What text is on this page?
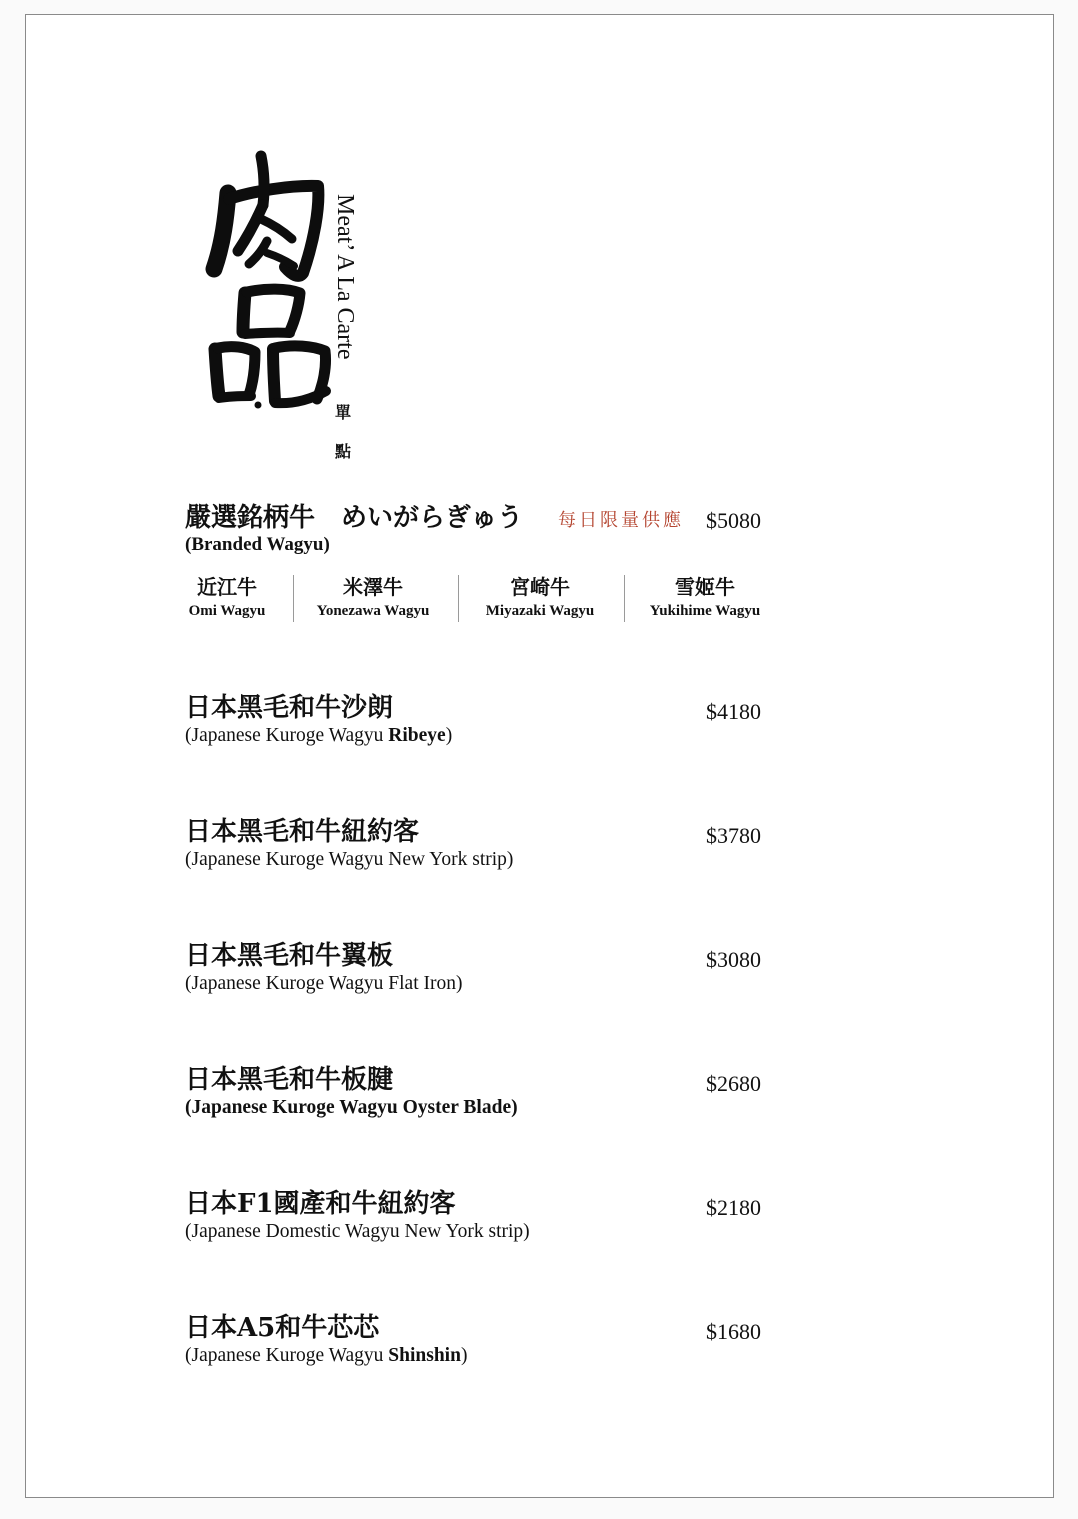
Meat’ A La Carte
單
點
嚴選銘柄牛　めいがらぎゅう 每日限量供應 $5080
(Branded Wagyu)
近江牛
Omi Wagyu
米澤牛
Yonezawa Wagyu
宮崎牛
Miyazaki Wagyu
雪姬牛
Yukihime Wagyu
日本黑毛和牛沙朗
(Japanese Kuroge Wagyu Ribeye)
$4180
日本黑毛和牛紐約客
(Japanese Kuroge Wagyu New York strip)
$3780
日本黑毛和牛翼板
(Japanese Kuroge Wagyu Flat Iron)
$3080
日本黑毛和牛板腱
(Japanese Kuroge Wagyu Oyster Blade)
$2680
日本F1國產和牛紐約客
(Japanese Domestic Wagyu New York strip)
$2180
日本A5和牛芯芯
(Japanese Kuroge Wagyu Shinshin)
$1680
